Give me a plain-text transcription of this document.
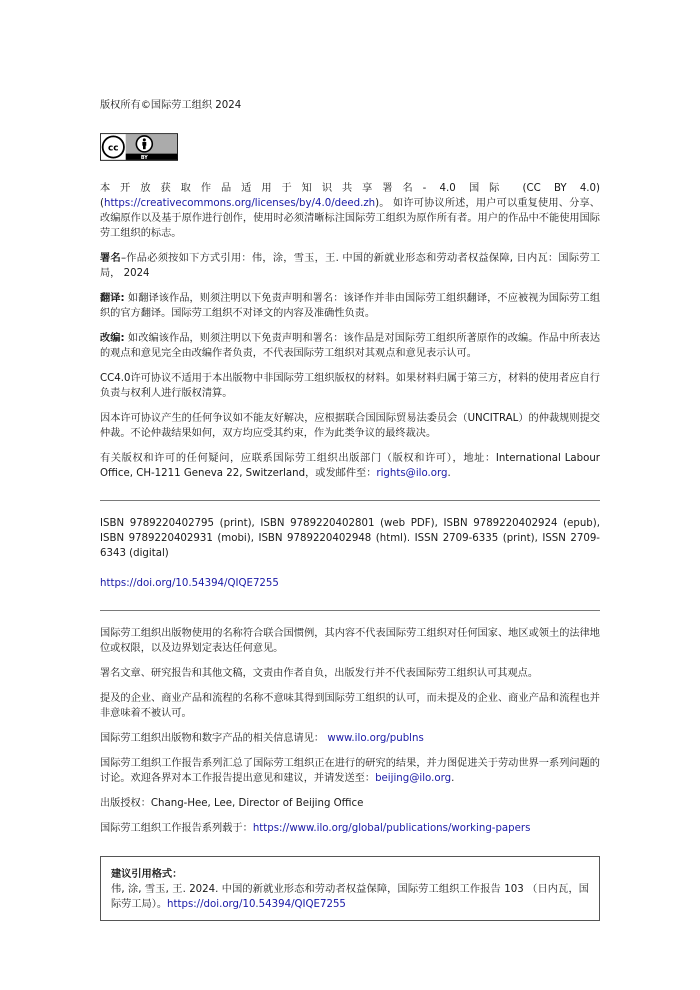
版权所有©国际劳工组织 2024

cc
BY

本开放获取作品适用于知识共享署名- 4.0 国际 (CC BY 4.0) (https://creativecommons.org/licenses/by/4.0/deed.zh)。 如许可协议所述，用户可以重复使用、分享、改编原作以及基于原作进行创作，使用时必须清晰标注国际劳工组织为原作所有者。用户的作品中不能使用国际劳工组织的标志。

署名–作品必须按如下方式引用：伟，涂，雪玉，王. 中国的新就业形态和劳动者权益保障, 日内瓦：国际劳工局， 2024

翻译: 如翻译该作品，则须注明以下免责声明和署名：该译作并非由国际劳工组织翻译，不应被视为国际劳工组织的官方翻译。国际劳工组织不对译文的内容及准确性负责。

改编: 如改编该作品，则须注明以下免责声明和署名：该作品是对国际劳工组织所著原作的改编。作品中所表达的观点和意见完全由改编作者负责，不代表国际劳工组织对其观点和意见表示认可。

CC4.0许可协议不适用于本出版物中非国际劳工组织版权的材料。如果材料归属于第三方，材料的使用者应自行负责与权利人进行版权清算。

因本许可协议产生的任何争议如不能友好解决，应根据联合国国际贸易法委员会（UNCITRAL）的仲裁规则提交仲裁。不论仲裁结果如何，双方均应受其约束，作为此类争议的最终裁决。

有关版权和许可的任何疑问，应联系国际劳工组织出版部门（版权和许可），地址：International Labour Office, CH-1211 Geneva 22, Switzerland，或发邮件至：rights@ilo.org.

ISBN 9789220402795 (print), ISBN 9789220402801 (web PDF), ISBN 9789220402924 (epub), ISBN 9789220402931 (mobi), ISBN 9789220402948 (html). ISSN 2709-6335 (print), ISSN 2709-6343 (digital)

https://doi.org/10.54394/QIQE7255

国际劳工组织出版物使用的名称符合联合国惯例，其内容不代表国际劳工组织对任何国家、地区或领土的法律地位或权限，以及边界划定表达任何意见。

署名文章、研究报告和其他文稿，文责由作者自负，出版发行并不代表国际劳工组织认可其观点。

提及的企业、商业产品和流程的名称不意味其得到国际劳工组织的认可，而未提及的企业、商业产品和流程也并非意味着不被认可。

国际劳工组织出版物和数字产品的相关信息请见： www.ilo.org/publns

国际劳工组织工作报告系列汇总了国际劳工组织正在进行的研究的结果，并力图促进关于劳动世界一系列问题的讨论。欢迎各界对本工作报告提出意见和建议，并请发送至：beijing@ilo.org.

出版授权：Chang-Hee, Lee, Director of Beijing Office

国际劳工组织工作报告系列载于：https://www.ilo.org/global/publications/working-papers

建议引用格式：

伟, 涂, 雪玉, 王. 2024. 中国的新就业形态和劳动者权益保障，国际劳工组织工作报告 103 （日内瓦，国际劳工局）。https://doi.org/10.54394/QIQE7255
